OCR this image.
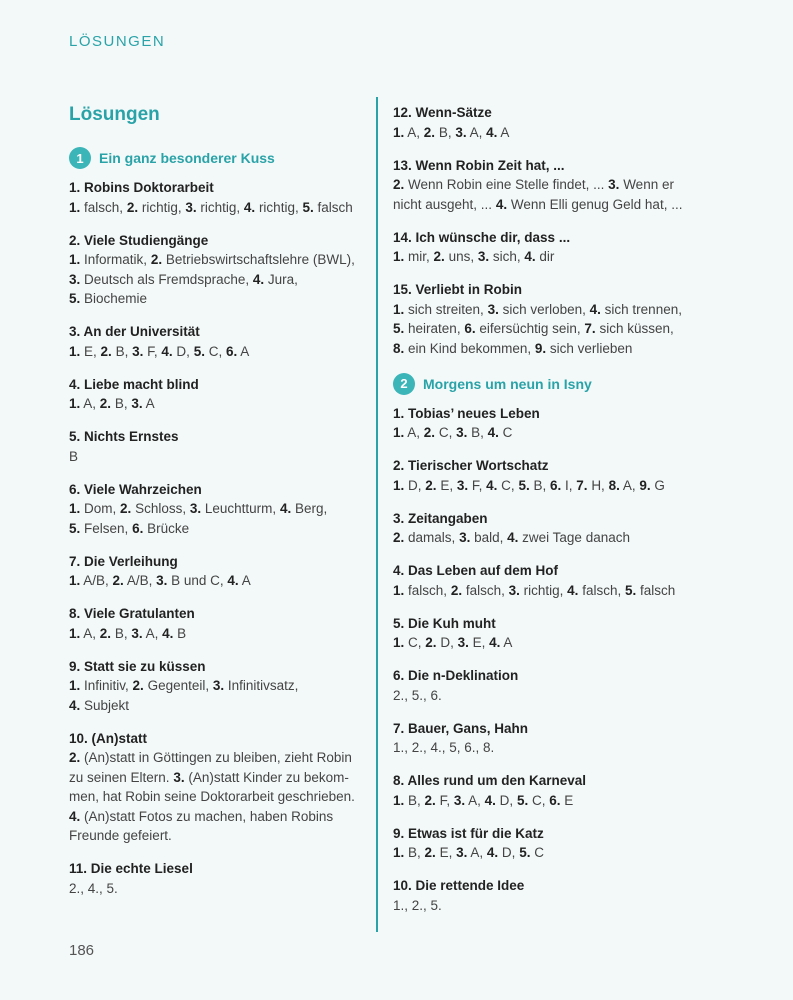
LÖSUNGEN
Lösungen
1	Ein ganz besonderer Kuss
1. Robins Doktorarbeit
1. falsch, 2. richtig, 3. richtig, 4. richtig, 5. falsch
2. Viele Studiengänge
1. Informatik, 2. Betriebswirtschaftslehre (BWL),
3. Deutsch als Fremdsprache, 4. Jura,
5. Biochemie
3. An der Universität
1. E, 2. B, 3. F, 4. D, 5. C, 6. A
4. Liebe macht blind
1. A, 2. B, 3. A
5. Nichts Ernstes
B
6. Viele Wahrzeichen
1. Dom, 2. Schloss, 3. Leuchtturm, 4. Berg,
5. Felsen, 6. Brücke
7. Die Verleihung
1. A/B, 2. A/B, 3. B und C, 4. A
8. Viele Gratulanten
1. A, 2. B, 3. A, 4. B
9. Statt sie zu küssen
1. Infinitiv, 2. Gegenteil, 3. Infinitivsatz,
4. Subjekt
10. (An)statt
2. (An)statt in Göttingen zu bleiben, zieht Robin
zu seinen Eltern. 3. (An)statt Kinder zu bekom-
men, hat Robin seine Doktorarbeit geschrieben.
4. (An)statt Fotos zu machen, haben Robins
Freunde gefeiert.
11. Die echte Liesel
2., 4., 5.
12. Wenn-Sätze
1. A, 2. B, 3. A, 4. A
13. Wenn Robin Zeit hat, ...
2. Wenn Robin eine Stelle findet, ... 3. Wenn er
nicht ausgeht, ... 4. Wenn Elli genug Geld hat, ...
14. Ich wünsche dir, dass ...
1. mir, 2. uns, 3. sich, 4. dir
15. Verliebt in Robin
1. sich streiten, 3. sich verloben, 4. sich trennen,
5. heiraten, 6. eifersüchtig sein, 7. sich küssen,
8. ein Kind bekommen, 9. sich verlieben
2	Morgens um neun in Isny
1. Tobias’ neues Leben
1. A, 2. C, 3. B, 4. C
2. Tierischer Wortschatz
1. D, 2. E, 3. F, 4. C, 5. B, 6. I, 7. H, 8. A, 9. G
3. Zeitangaben
2. damals, 3. bald, 4. zwei Tage danach
4. Das Leben auf dem Hof
1. falsch, 2. falsch, 3. richtig, 4. falsch, 5. falsch
5. Die Kuh muht
1. C, 2. D, 3. E, 4. A
6. Die n-Deklination
2., 5., 6.
7. Bauer, Gans, Hahn
1., 2., 4., 5, 6., 8.
8. Alles rund um den Karneval
1. B, 2. F, 3. A, 4. D, 5. C, 6. E
9. Etwas ist für die Katz
1. B, 2. E, 3. A, 4. D, 5. C
10. Die rettende Idee
1., 2., 5.
186
